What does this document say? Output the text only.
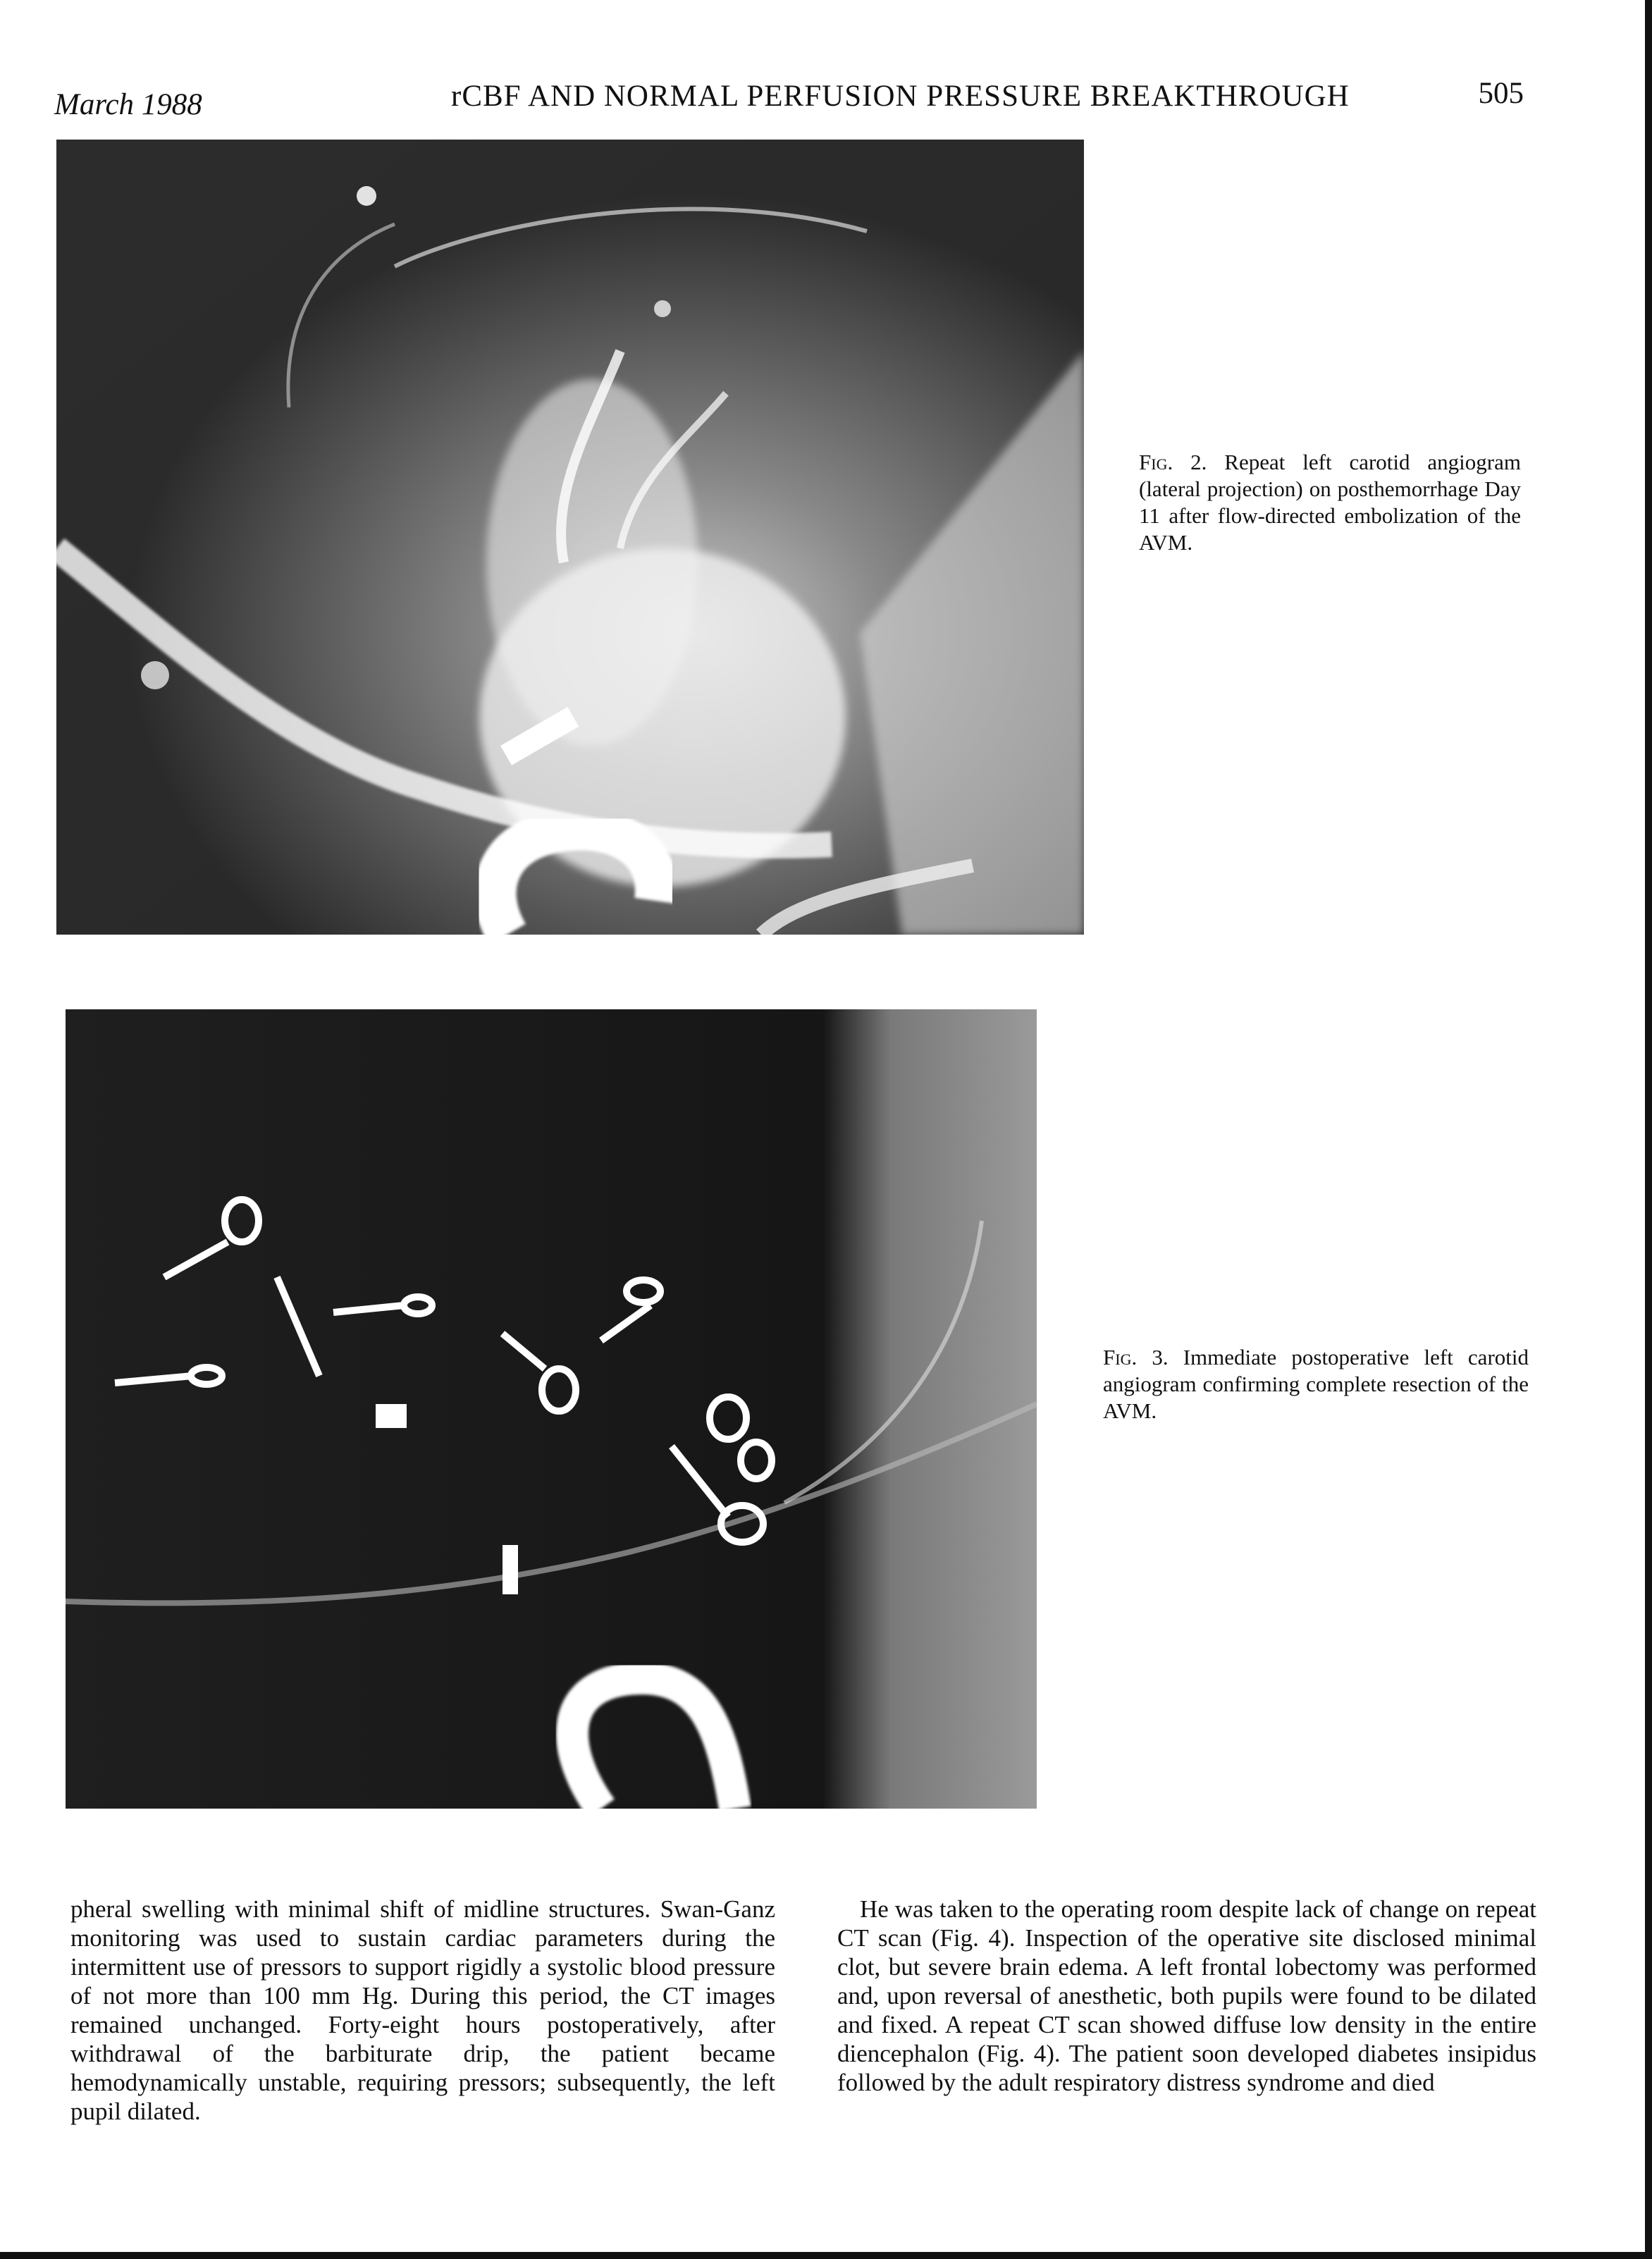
March 1988	rCBF AND NORMAL PERFUSION PRESSURE BREAKTHROUGH	505
Fig. 2. Repeat left carotid angiogram (lateral projection) on posthemorrhage Day 11 after flow-directed embolization of the AVM.
Fig. 3. Immediate postoperative left carotid angiogram confirming complete resection of the AVM.
pheral swelling with minimal shift of midline structures. Swan-Ganz monitoring was used to sustain cardiac parameters during the intermittent use of pressors to support rigidly a systolic blood pressure of not more than 100 mm Hg. During this period, the CT images remained unchanged. Forty-eight hours postoperatively, after withdrawal of the barbiturate drip, the patient became hemodynamically unstable, requiring pressors; subsequently, the left pupil dilated.
He was taken to the operating room despite lack of change on repeat CT scan (Fig. 4). Inspection of the operative site disclosed minimal clot, but severe brain edema. A left frontal lobectomy was performed and, upon reversal of anesthetic, both pupils were found to be dilated and fixed. A repeat CT scan showed diffuse low density in the entire diencephalon (Fig. 4). The patient soon developed diabetes insipidus followed by the adult respiratory distress syndrome and died
